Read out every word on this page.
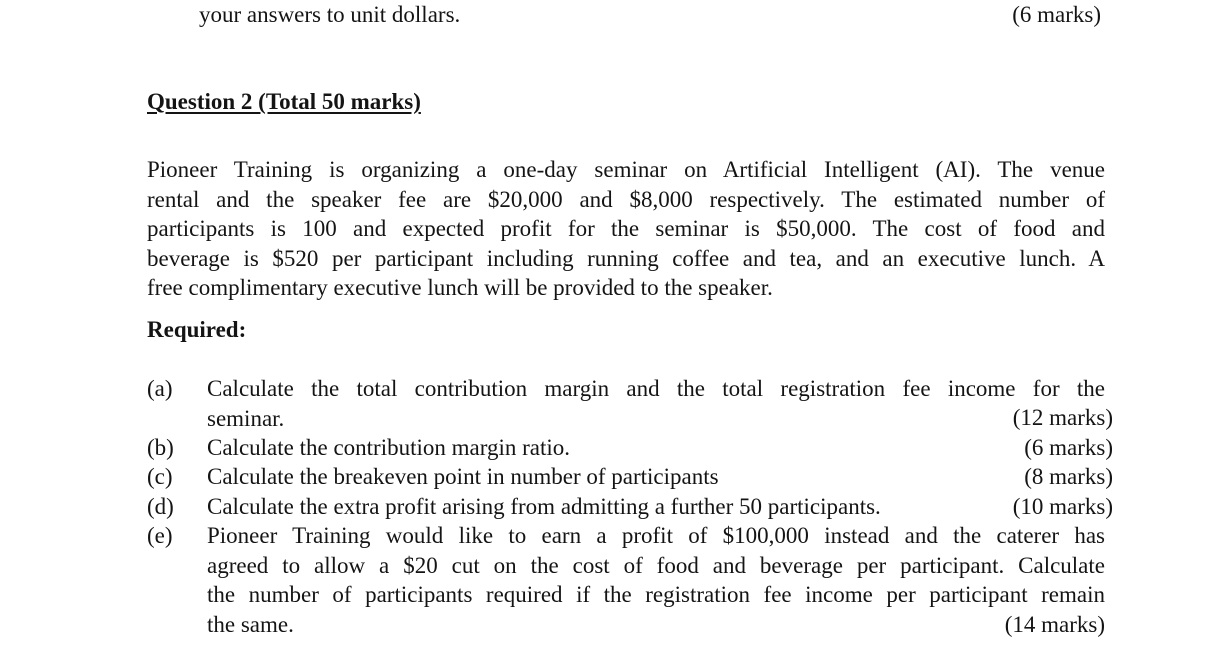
your answers to unit dollars.	(6 marks)
Question 2 (Total 50 marks)
Pioneer Training is organizing a one-day seminar on Artificial Intelligent (AI). The venue
rental and the speaker fee are $20,000 and $8,000 respectively. The estimated number of
participants is 100 and expected profit for the seminar is $50,000. The cost of food and
beverage is $520 per participant including running coffee and tea, and an executive lunch. A
free complimentary executive lunch will be provided to the speaker.
Required:
(a) Calculate the total contribution margin and the total registration fee income for the
seminar.	(12 marks)
(b) Calculate the contribution margin ratio.	(6 marks)
(c) Calculate the breakeven point in number of participants	(8 marks)
(d) Calculate the extra profit arising from admitting a further 50 participants.	(10 marks)
(e) Pioneer Training would like to earn a profit of $100,000 instead and the caterer has
agreed to allow a $20 cut on the cost of food and beverage per participant. Calculate
the number of participants required if the registration fee income per participant remain
the same.	(14 marks)
